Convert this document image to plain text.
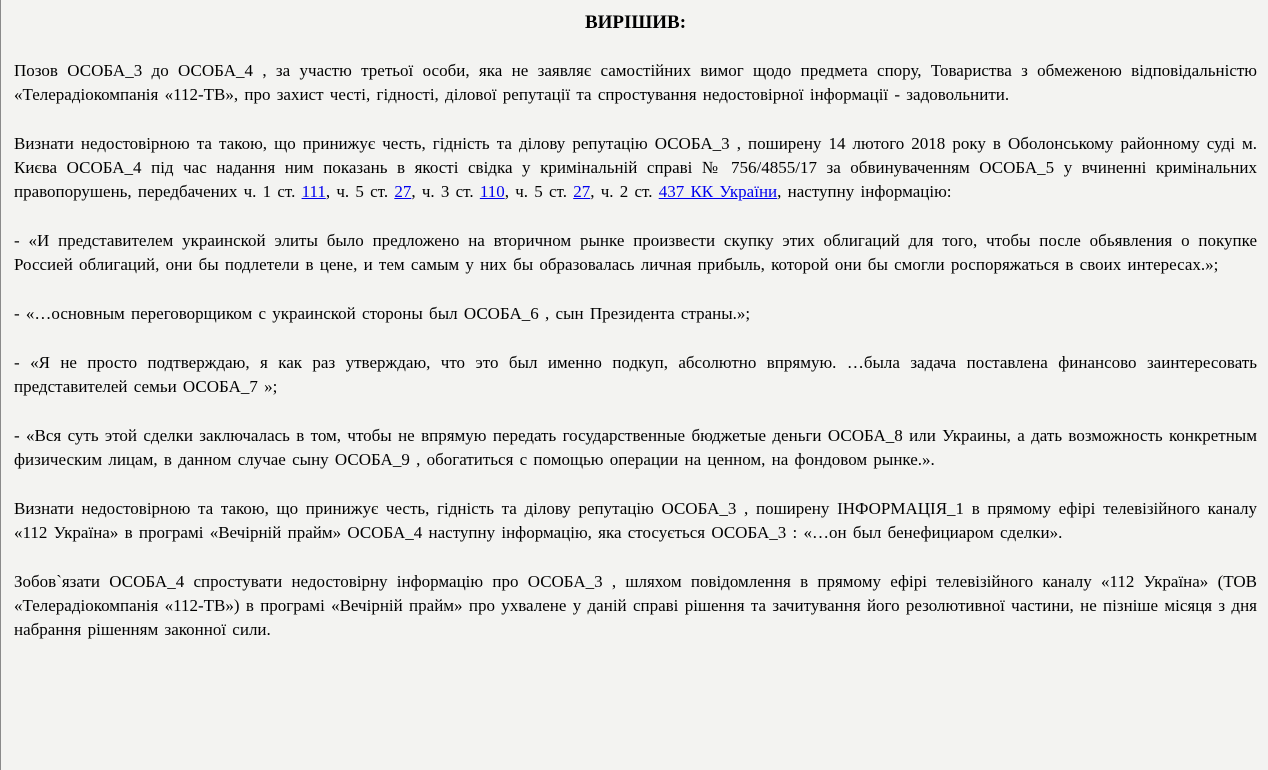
ВИРІШИВ:

Позов ОСОБА_3 до ОСОБА_4 , за участю третьої особи, яка не заявляє самостійних вимог щодо предмета спору, Товариства з обмеженою відповідальністю «Телерадіокомпанія «112-ТВ», про захист честі, гідності, ділової репутації та спростування недостовірної інформації - задовольнити.

Визнати недостовірною та такою, що принижує честь, гідність та ділову репутацію ОСОБА_3 , поширену 14 лютого 2018 року в Оболонському районному суді м. Києва ОСОБА_4 під час надання ним показань в якості свідка у кримінальній справі № 756/4855/17 за обвинуваченням ОСОБА_5 у вчиненні кримінальних правопорушень, передбачених ч. 1 ст. 111, ч. 5 ст. 27, ч. 3 ст. 110, ч. 5 ст. 27, ч. 2 ст. 437 КК України, наступну інформацію:

- «И представителем украинской элиты было предложено на вторичном рынке произвести скупку этих облигаций для того, чтобы после обьявления о покупке Россией облигаций, они бы подлетели в цене, и тем самым у них бы образовалась личная прибыль, которой они бы смогли роспоряжаться в своих интересах.»;

- «…основным переговорщиком с украинской стороны был ОСОБА_6 , сын Президента страны.»;

- «Я не просто подтверждаю, я как раз утверждаю, что это был именно подкуп, абсолютно впрямую. …была задача поставлена финансово заинтересовать представителей семьи ОСОБА_7 »;

- «Вся суть этой сделки заключалась в том, чтобы не впрямую передать государственные бюджетые деньги ОСОБА_8 или Украины, а дать возможность конкретным физическим лицам, в данном случае сыну ОСОБА_9 , обогатиться с помощью операции на ценном, на фондовом рынке.».

Визнати недостовірною та такою, що принижує честь, гідність та ділову репутацію ОСОБА_3 , поширену ІНФОРМАЦІЯ_1 в прямому ефірі телевізійного каналу «112 Україна» в програмі «Вечірній прайм» ОСОБА_4 наступну інформацію, яка стосується ОСОБА_3 : «…он был бенефициаром сделки».

Зобов`язати ОСОБА_4 спростувати недостовірну інформацію про ОСОБА_3 , шляхом повідомлення в прямому ефірі телевізійного каналу «112 Україна» (ТОВ «Телерадіокомпанія «112-ТВ») в програмі «Вечірній прайм» про ухвалене у даній справі рішення та зачитування його резолютивної частини, не пізніше місяця з дня набрання рішенням законної сили.
